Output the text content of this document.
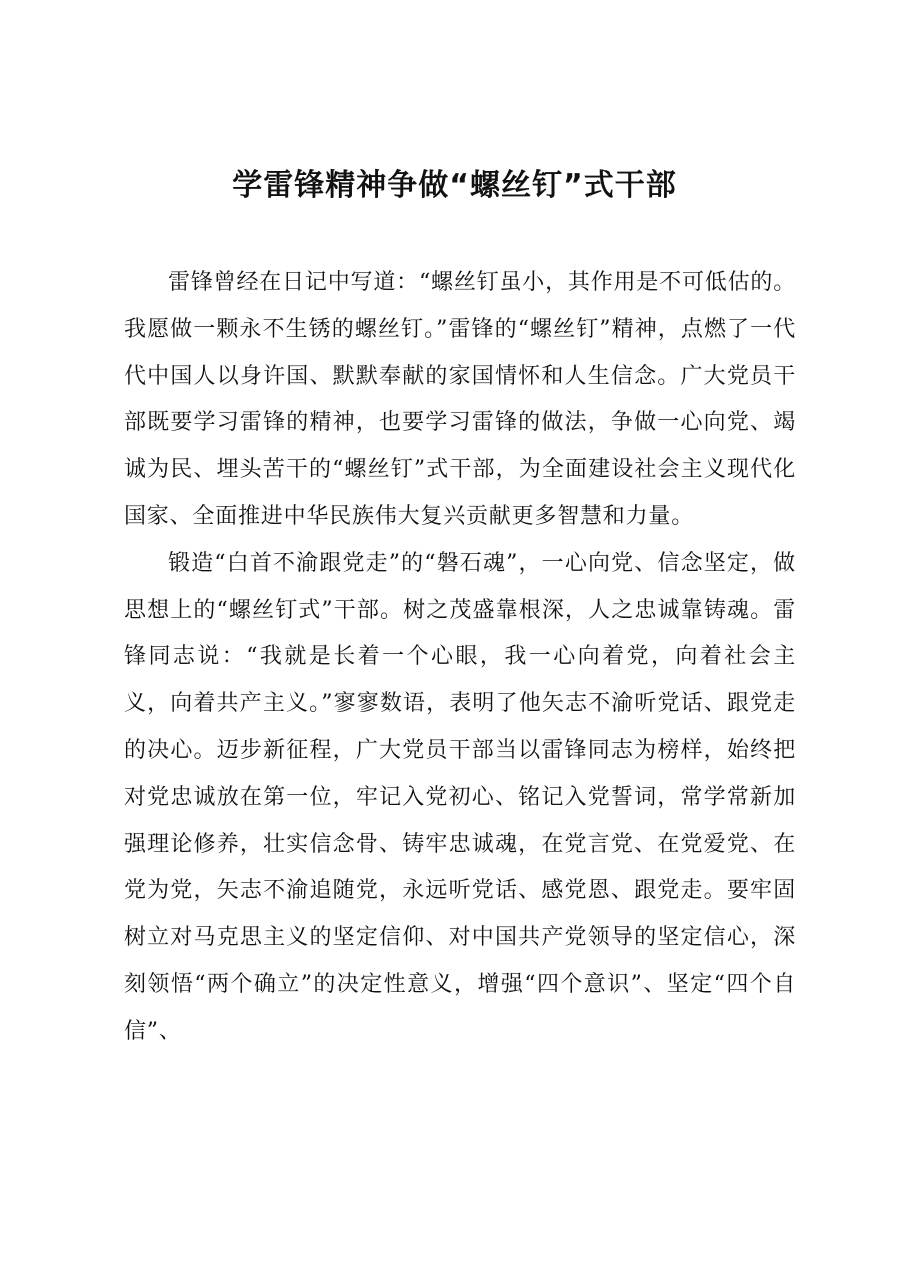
学雷锋精神争做“螺丝钉”式干部

雷锋曾经在日记中写道：“螺丝钉虽小，其作用是不可低估的。我愿做一颗永不生锈的螺丝钉。”雷锋的“螺丝钉”精神，点燃了一代代中国人以身许国、默默奉献的家国情怀和人生信念。广大党员干部既要学习雷锋的精神，也要学习雷锋的做法，争做一心向党、竭诚为民、埋头苦干的“螺丝钉”式干部，为全面建设社会主义现代化国家、全面推进中华民族伟大复兴贡献更多智慧和力量。

锻造“白首不渝跟党走”的“磐石魂”，一心向党、信念坚定，做思想上的“螺丝钉式”干部。树之茂盛靠根深，人之忠诚靠铸魂。雷锋同志说：“我就是长着一个心眼，我一心向着党，向着社会主义，向着共产主义。”寥寥数语，表明了他矢志不渝听党话、跟党走的决心。迈步新征程，广大党员干部当以雷锋同志为榜样，始终把对党忠诚放在第一位，牢记入党初心、铭记入党誓词，常学常新加强理论修养，壮实信念骨、铸牢忠诚魂，在党言党、在党爱党、在党为党，矢志不渝追随党，永远听党话、感党恩、跟党走。要牢固树立对马克思主义的坚定信仰、对中国共产党领导的坚定信心，深刻领悟“两个确立”的决定性意义，增强“四个意识”、坚定“四个自信”、
